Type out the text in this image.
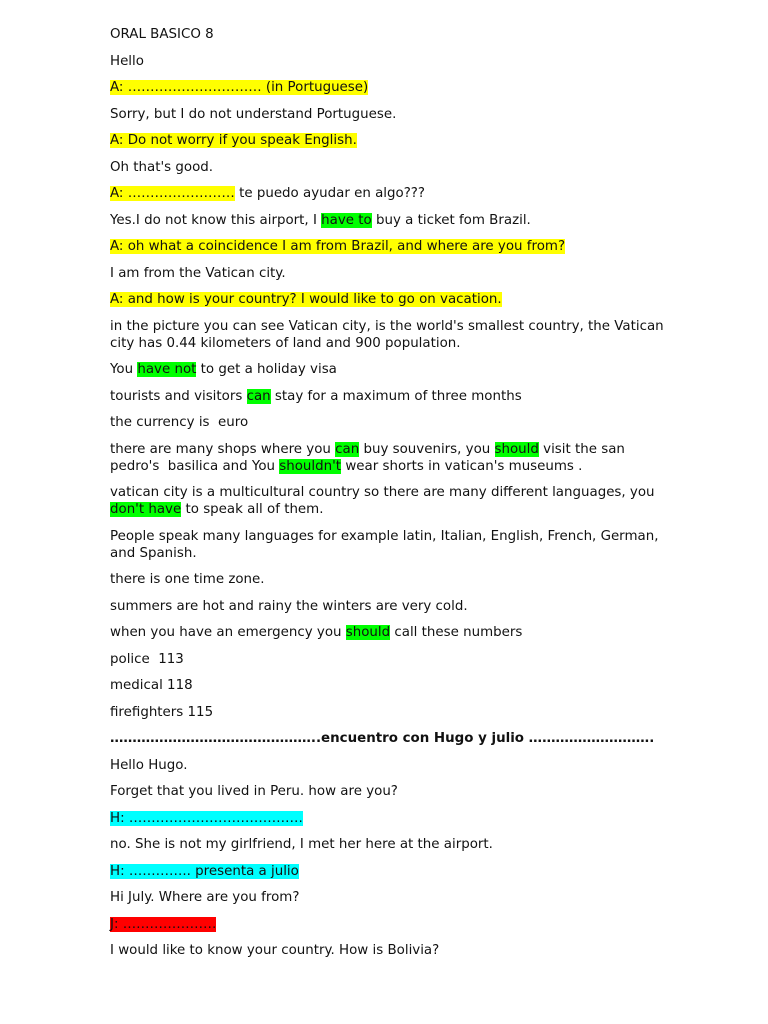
ORAL BASICO 8

Hello

A: ………………………… (in Portuguese)

Sorry, but I do not understand Portuguese.

A: Do not worry if you speak English.

Oh that's good.

A: …………………… te puedo ayudar en algo???

Yes.I do not know this airport, I have to buy a ticket fom Brazil.

A: oh what a coincidence I am from Brazil, and where are you from?

I am from the Vatican city.

A: and how is your country? I would like to go on vacation.

in the picture you can see Vatican city, is the world's smallest country, the Vatican city has 0.44 kilometers of land and 900 population.

You have not to get a holiday visa

tourists and visitors can stay for a maximum of three months

the currency is  euro

there are many shops where you can buy souvenirs, you should visit the san pedro's  basilica and You shouldn't wear shorts in vatican's museums .

vatican city is a multicultural country so there are many different languages, you don't have to speak all of them.

People speak many languages for example latin, Italian, English, French, German, and Spanish.

there is one time zone.

summers are hot and rainy the winters are very cold.

when you have an emergency you should call these numbers

police  113

medical 118

firefighters 115

………………………………………..encuentro con Hugo y julio ……………………….

Hello Hugo.

Forget that you lived in Peru. how are you?

H: …………………………………

no. She is not my girlfriend, I met her here at the airport.

H: ………….. presenta a julio

Hi July. Where are you from?

J: …………………

I would like to know your country. How is Bolivia?
